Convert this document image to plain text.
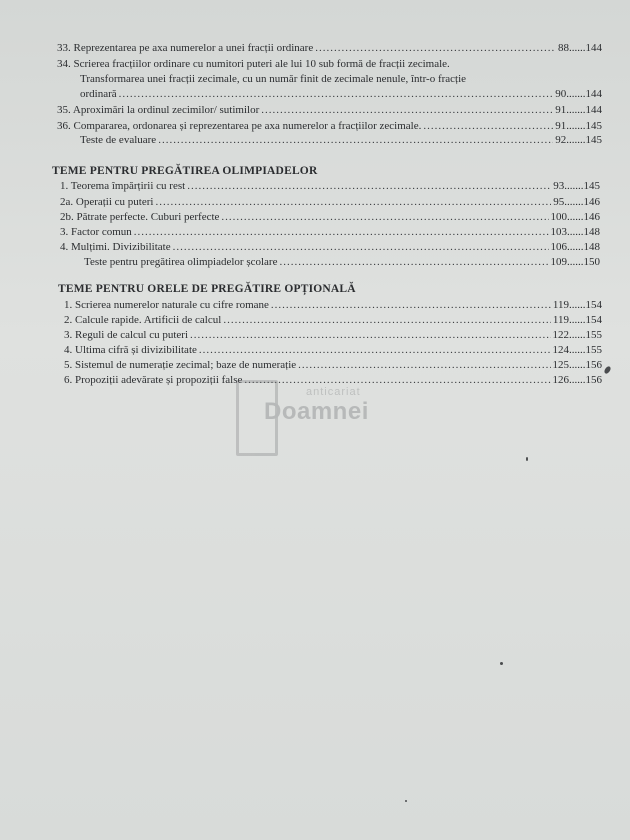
33. Reprezentarea pe axa numerelor a unei fracții ordinare .....	88......144
34. Scrierea fracțiilor ordinare cu numitori puteri ale lui 10 sub formă de fracții zecimale.
Transformarea unei fracții zecimale, cu un număr finit de zecimale nenule, într-o fracție
ordinară .....	90.......144
35. Aproximări la ordinul zecimilor/ sutimilor .....	91.......144
36. Compararea, ordonarea și reprezentarea pe axa numerelor a fracțiilor zecimale. .....	91.......145
Teste de evaluare .....	92.......145
TEME PENTRU PREGĂTIREA OLIMPIADELOR
1. Teorema împărțirii cu rest .....	93.......145
2a. Operații cu puteri .....	95.......146
2b. Pătrate perfecte. Cuburi perfecte .....	100......146
3. Factor comun .....	103......148
4. Mulțimi. Divizibilitate .....	106......148
Teste pentru pregătirea olimpiadelor școlare .....	109......150
TEME PENTRU ORELE DE PREGĂTIRE OPȚIONALĂ
1. Scrierea numerelor naturale cu cifre romane .....	119......154
2. Calcule rapide. Artificii de calcul .....	119......154
3. Reguli de calcul cu puteri .....	122......155
4. Ultima cifră și divizibilitate .....	124......155
5. Sistemul de numerație zecimal; baze de numerație .....	125......156
6. Propoziții adevărate și propoziții false .....	126......156
anticariat
Doamnei
